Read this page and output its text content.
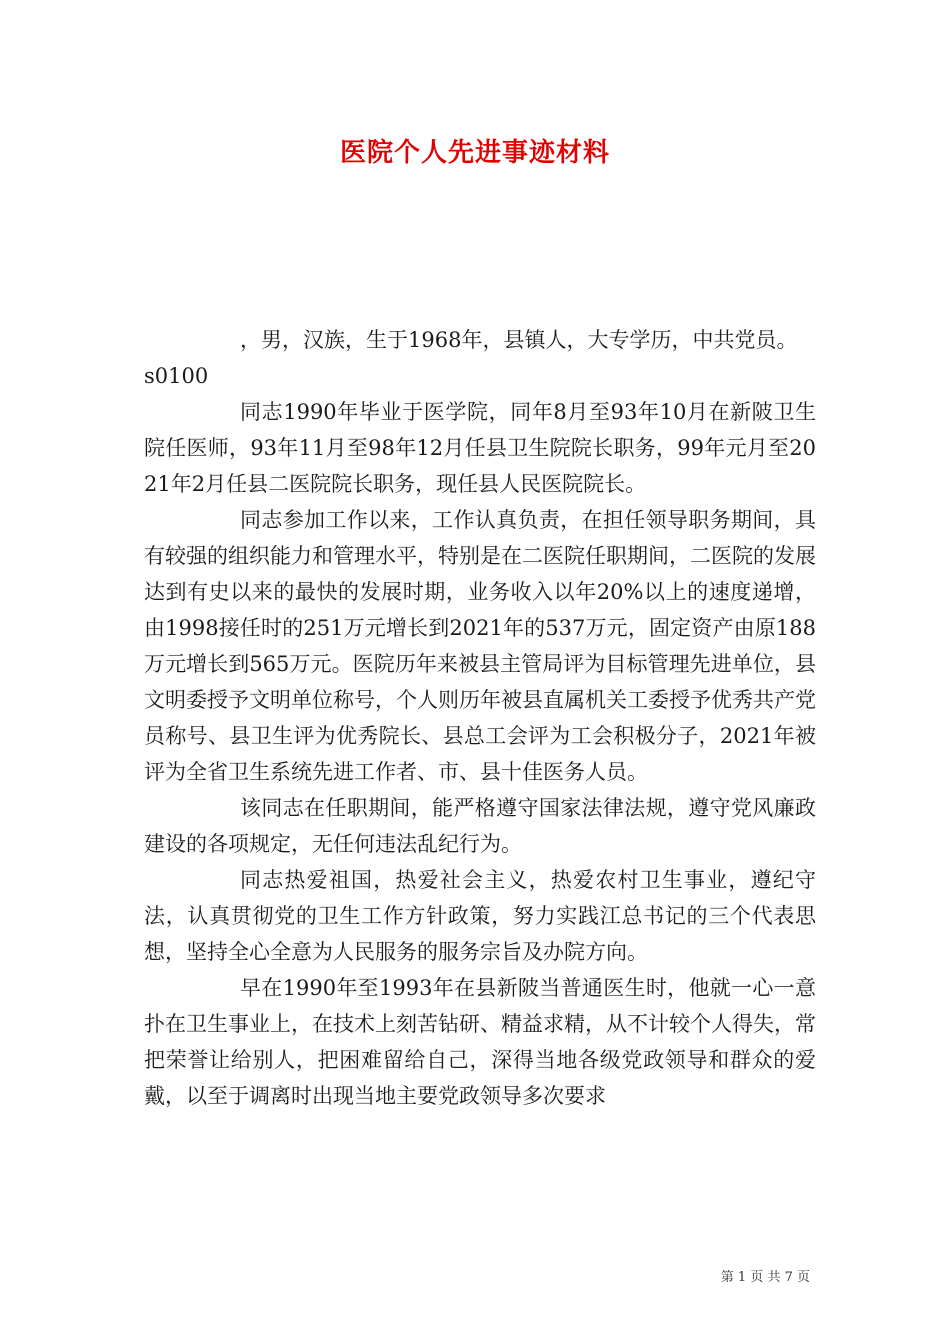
医院个人先进事迹材料

，男，汉族，生于1968年，县镇人，大专学历，中共党员。

s0100

同志1990年毕业于医学院，同年8月至93年10月在新陂卫生院任医师，93年11月至98年12月任县卫生院院长职务，99年元月至2021年2月任县二医院院长职务，现任县人民医院院长。

同志参加工作以来，工作认真负责，在担任领导职务期间，具有较强的组织能力和管理水平，特别是在二医院任职期间，二医院的发展达到有史以来的最快的发展时期，业务收入以年20%以上的速度递增，由1998接任时的251万元增长到2021年的537万元，固定资产由原188万元增长到565万元。医院历年来被县主管局评为目标管理先进单位，县文明委授予文明单位称号，个人则历年被县直属机关工委授予优秀共产党员称号、县卫生评为优秀院长、县总工会评为工会积极分子，2021年被评为全省卫生系统先进工作者、市、县十佳医务人员。

该同志在任职期间，能严格遵守国家法律法规，遵守党风廉政建设的各项规定，无任何违法乱纪行为。

同志热爱祖国，热爱社会主义，热爱农村卫生事业，遵纪守法，认真贯彻党的卫生工作方针政策，努力实践江总书记的三个代表思想，坚持全心全意为人民服务的服务宗旨及办院方向。

早在1990年至1993年在县新陂当普通医生时，他就一心一意扑在卫生事业上，在技术上刻苦钻研、精益求精，从不计较个人得失，常把荣誉让给别人，把困难留给自己，深得当地各级党政领导和群众的爱戴，以至于调离时出现当地主要党政领导多次要求

第 1 页 共 7 页
